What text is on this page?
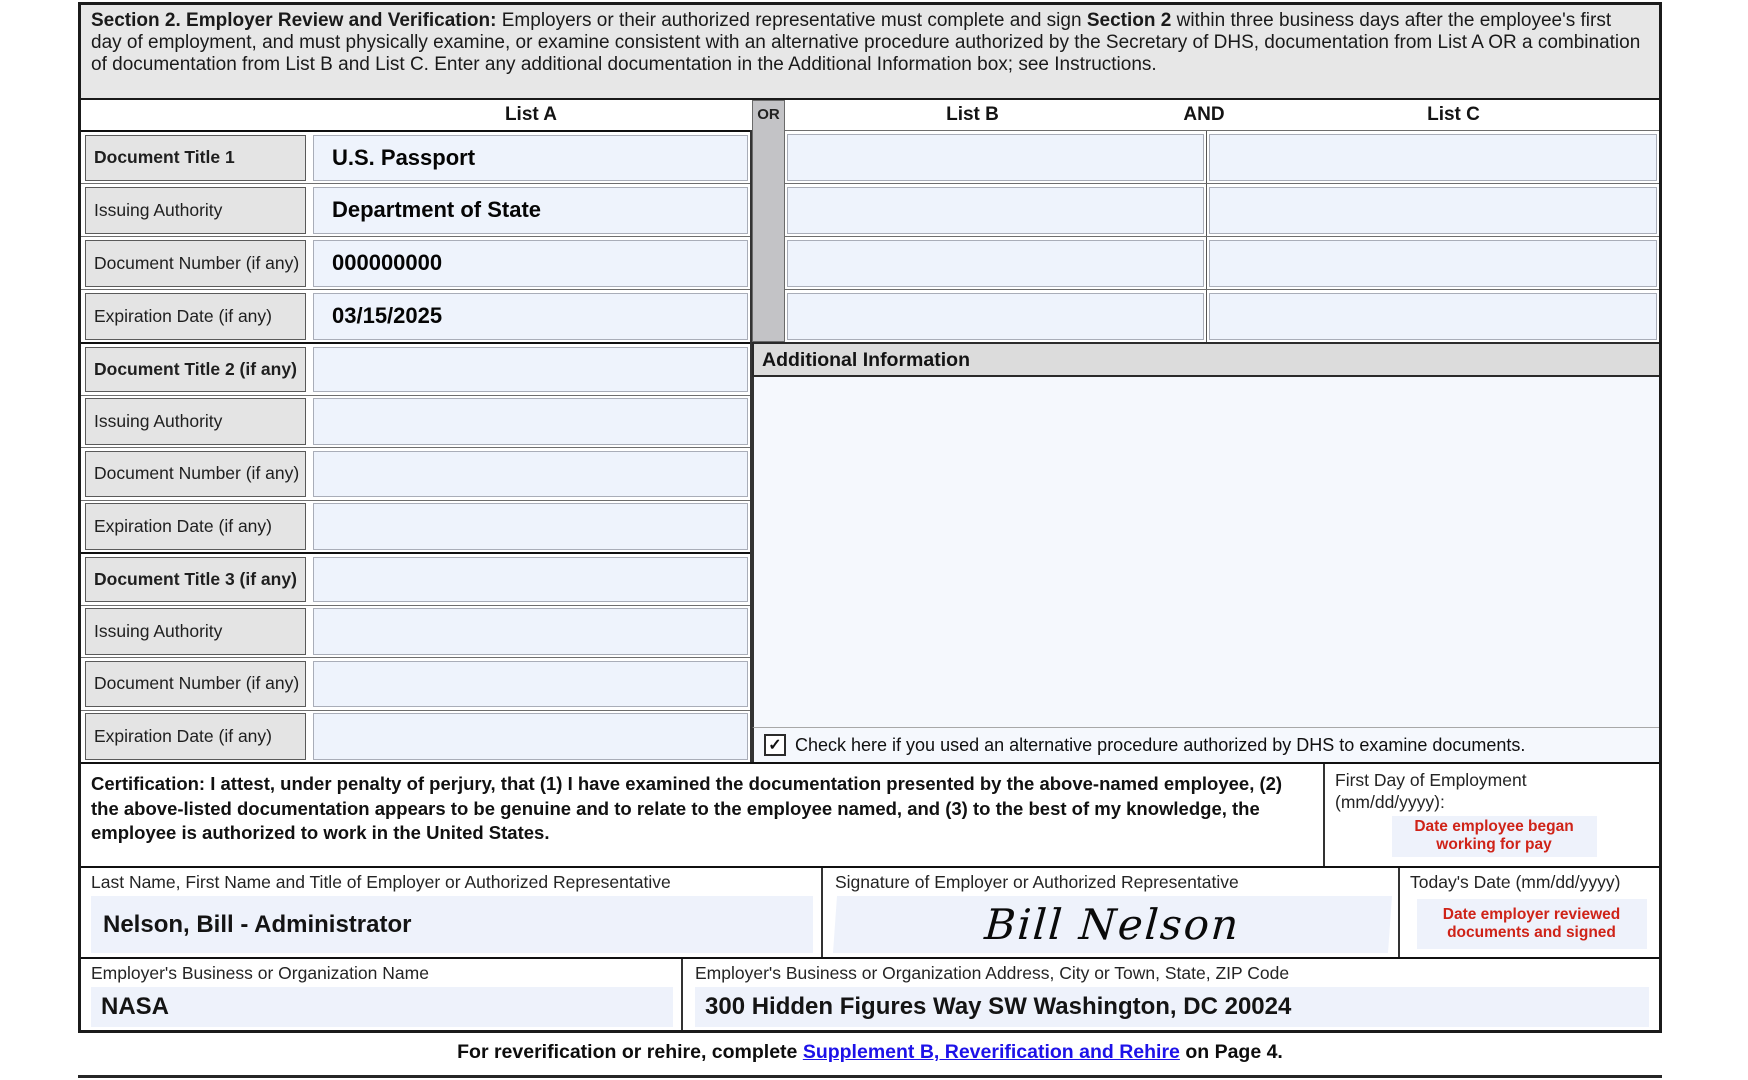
Section 2. Employer Review and Verification: Employers or their authorized representative must complete and sign Section 2 within three business days after the employee's first day of employment, and must physically examine, or examine consistent with an alternative procedure authorized by the Secretary of DHS, documentation from List A OR a combination of documentation from List B and List C. Enter any additional documentation in the Additional Information box; see Instructions.
List A	List B	AND	List C
OR
Document Title 1	U.S. Passport
Issuing Authority	Department of State
Document Number (if any)	000000000
Expiration Date (if any)	03/15/2025
Document Title 2 (if any)
Issuing Authority
Document Number (if any)
Expiration Date (if any)
Document Title 3 (if any)
Issuing Authority
Document Number (if any)
Expiration Date (if any)
Additional Information
✓ Check here if you used an alternative procedure authorized by DHS to examine documents.
Certification: I attest, under penalty of perjury, that (1) I have examined the documentation presented by the above-named employee, (2) the above-listed documentation appears to be genuine and to relate to the employee named, and (3) to the best of my knowledge, the employee is authorized to work in the United States.
First Day of Employment
(mm/dd/yyyy):
Date employee began working for pay
Last Name, First Name and Title of Employer or Authorized Representative
Nelson, Bill - Administrator
Signature of Employer or Authorized Representative
Bill Nelson
Today's Date (mm/dd/yyyy)
Date employer reviewed documents and signed
Employer's Business or Organization Name
NASA
Employer's Business or Organization Address, City or Town, State, ZIP Code
300 Hidden Figures Way SW Washington, DC 20024
For reverification or rehire, complete Supplement B, Reverification and Rehire on Page 4.
